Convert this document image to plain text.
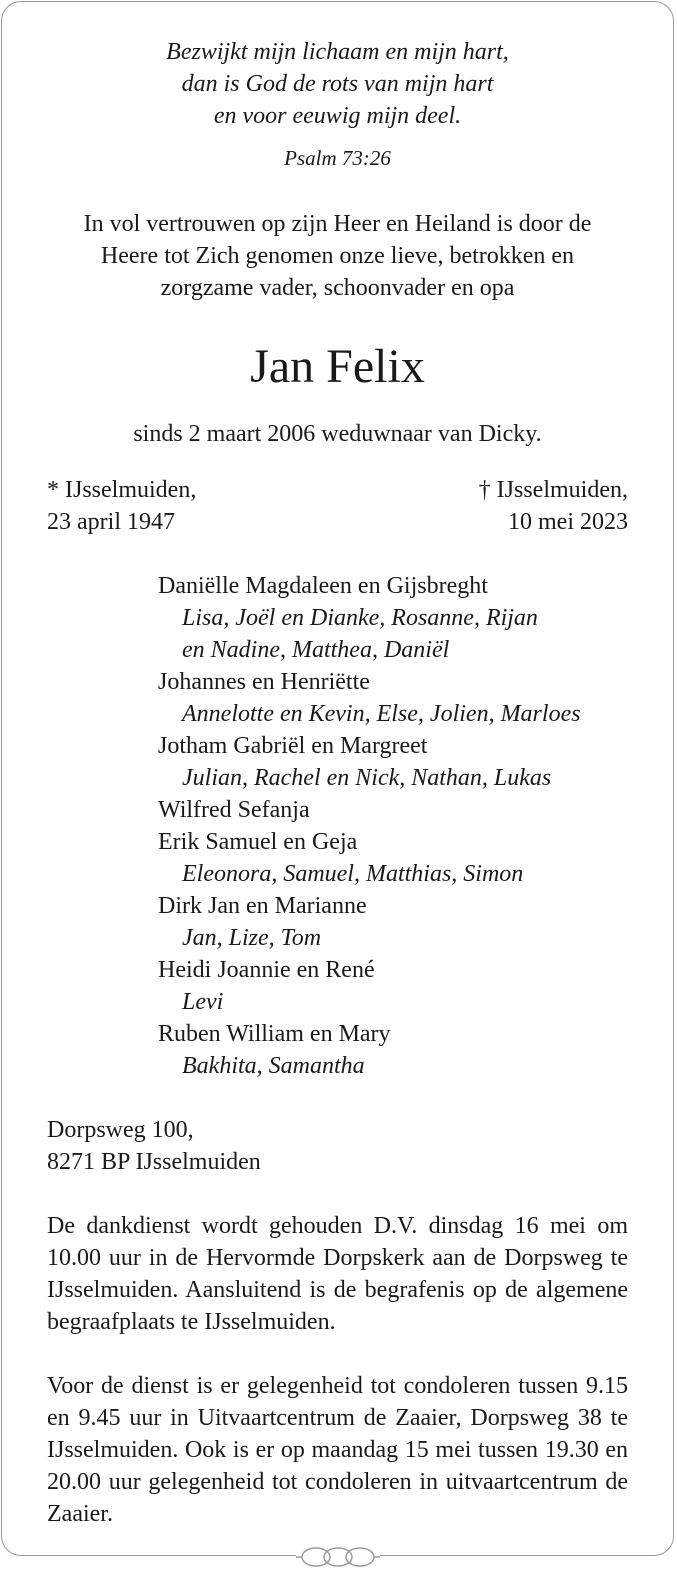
Bezwijkt mijn lichaam en mijn hart,
dan is God de rots van mijn hart
en voor eeuwig mijn deel.
Psalm 73:26
In vol vertrouwen op zijn Heer en Heiland is door de
Heere tot Zich genomen onze lieve, betrokken en
zorgzame vader, schoonvader en opa
Jan Felix
sinds 2 maart 2006 weduwnaar van Dicky.
* IJsselmuiden,
23 april 1947
† IJsselmuiden,
10 mei 2023
Daniëlle Magdaleen en Gijsbreght
Lisa, Joël en Dianke, Rosanne, Rijan
en Nadine, Matthea, Daniël
Johannes en Henriëtte
Annelotte en Kevin, Else, Jolien, Marloes
Jotham Gabriël en Margreet
Julian, Rachel en Nick, Nathan, Lukas
Wilfred Sefanja
Erik Samuel en Geja
Eleonora, Samuel, Matthias, Simon
Dirk Jan en Marianne
Jan, Lize, Tom
Heidi Joannie en René
Levi
Ruben William en Mary
Bakhita, Samantha
Dorpsweg 100,
8271 BP IJsselmuiden
De dankdienst wordt gehouden D.V. dinsdag 16 mei om 10.00 uur in de Hervormde Dorpskerk aan de Dorpsweg te IJsselmuiden. Aansluitend is de begrafenis op de algemene begraafplaats te IJsselmuiden.
Voor de dienst is er gelegenheid tot condoleren tussen 9.15 en 9.45 uur in Uitvaartcentrum de Zaaier, Dorpsweg 38 te IJsselmuiden. Ook is er op maandag 15 mei tussen 19.30 en 20.00 uur gelegenheid tot condoleren in uitvaartcentrum de Zaaier.
